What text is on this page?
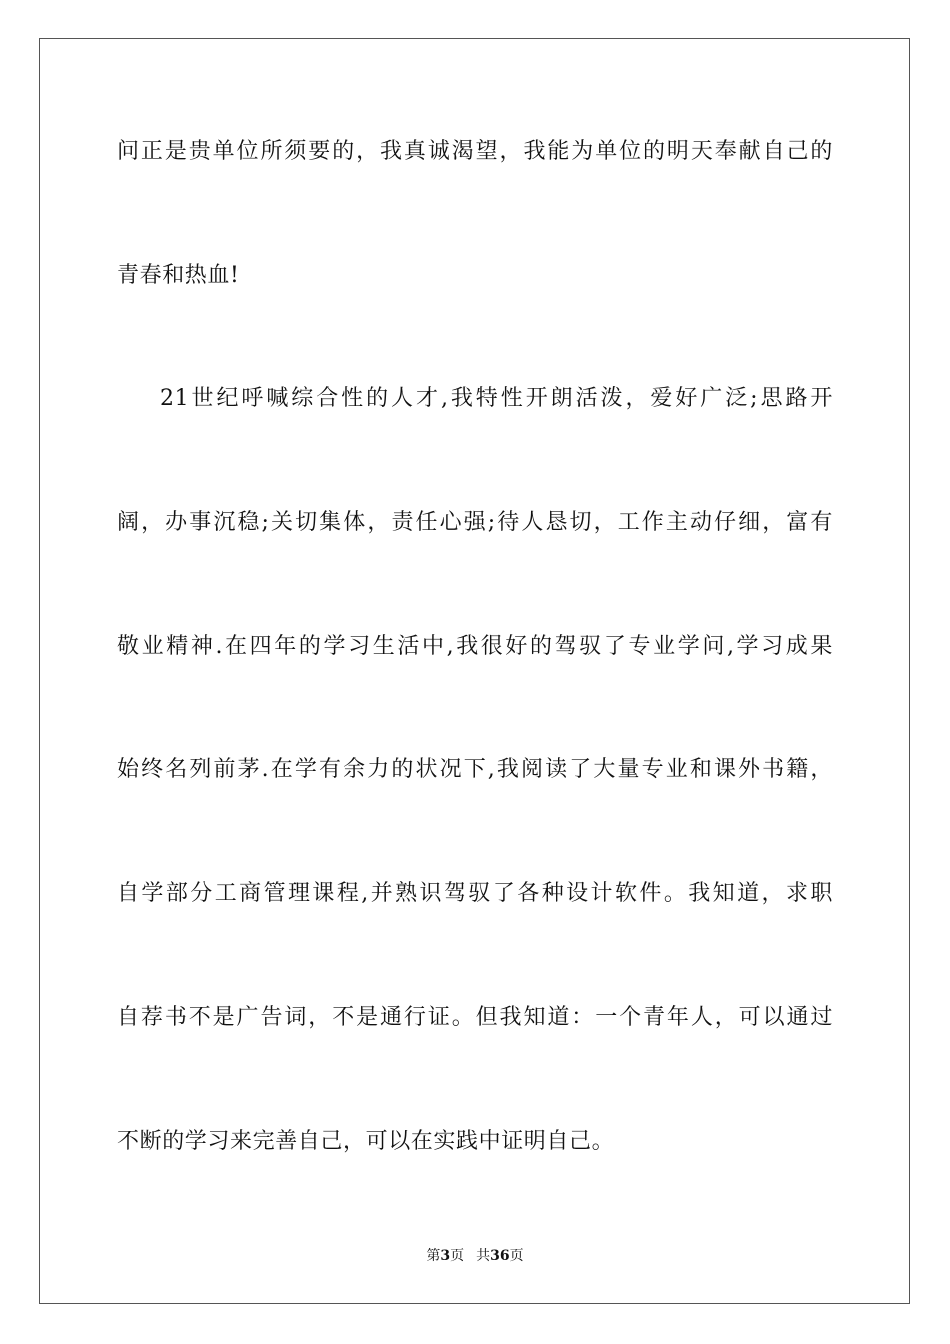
问正是贵单位所须要的，我真诚渴望，我能为单位的明天奉献自己的
青春和热血!
21世纪呼喊综合性的人才,我特性开朗活泼，爱好广泛;思路开
阔，办事沉稳;关切集体，责任心强;待人恳切，工作主动仔细，富有
敬业精神.在四年的学习生活中,我很好的驾驭了专业学问,学习成果
始终名列前茅.在学有余力的状况下,我阅读了大量专业和课外书籍，
自学部分工商管理课程,并熟识驾驭了各种设计软件。我知道，求职
自荐书不是广告词，不是通行证。但我知道：一个青年人，可以通过
不断的学习来完善自己，可以在实践中证明自己。
第3页 共36页
